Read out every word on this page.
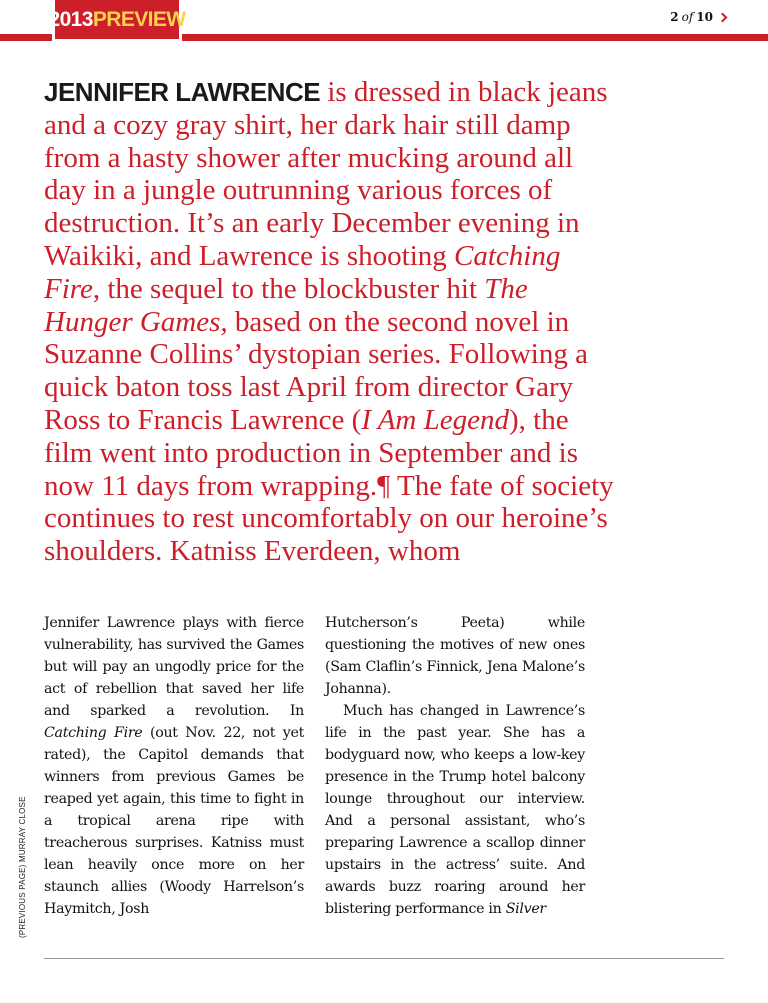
2013 PREVIEW	2 of 10
JENNIFER LAWRENCE is dressed in black jeans and a cozy gray shirt, her dark hair still damp from a hasty shower after mucking around all day in a jungle outrunning various forces of destruction. It’s an early December evening in Waikiki, and Lawrence is shooting Catching Fire, the sequel to the blockbuster hit The Hunger Games, based on the second novel in Suzanne Collins’ dystopian series. Following a quick baton toss last April from director Gary Ross to Francis Lawrence (I Am Legend), the film went into production in September and is now 11 days from wrapping.¶ The fate of society continues to rest uncomfortably on our heroine’s shoulders. Katniss Everdeen, whom

Jennifer Lawrence plays with fierce vulnerability, has survived the Games but will pay an ungodly price for the act of rebellion that saved her life and sparked a revolution. In Catching Fire (out Nov. 22, not yet rated), the Capitol demands that winners from previous Games be reaped yet again, this time to fight in a tropical arena ripe with treacherous surprises. Katniss must lean heavily once more on her staunch allies (Woody Harrelson’s Haymitch, Josh

Hutcherson’s Peeta) while questioning the motives of new ones (Sam Claflin’s Finnick, Jena Malone’s Johanna).

Much has changed in Lawrence’s life in the past year. She has a bodyguard now, who keeps a low-key presence in the Trump hotel balcony lounge throughout our interview. And a personal assistant, who’s preparing Lawrence a scallop dinner upstairs in the actress’ suite. And awards buzz roaring around her blistering performance in Silver

(PREVIOUS PAGE) MURRAY CLOSE
